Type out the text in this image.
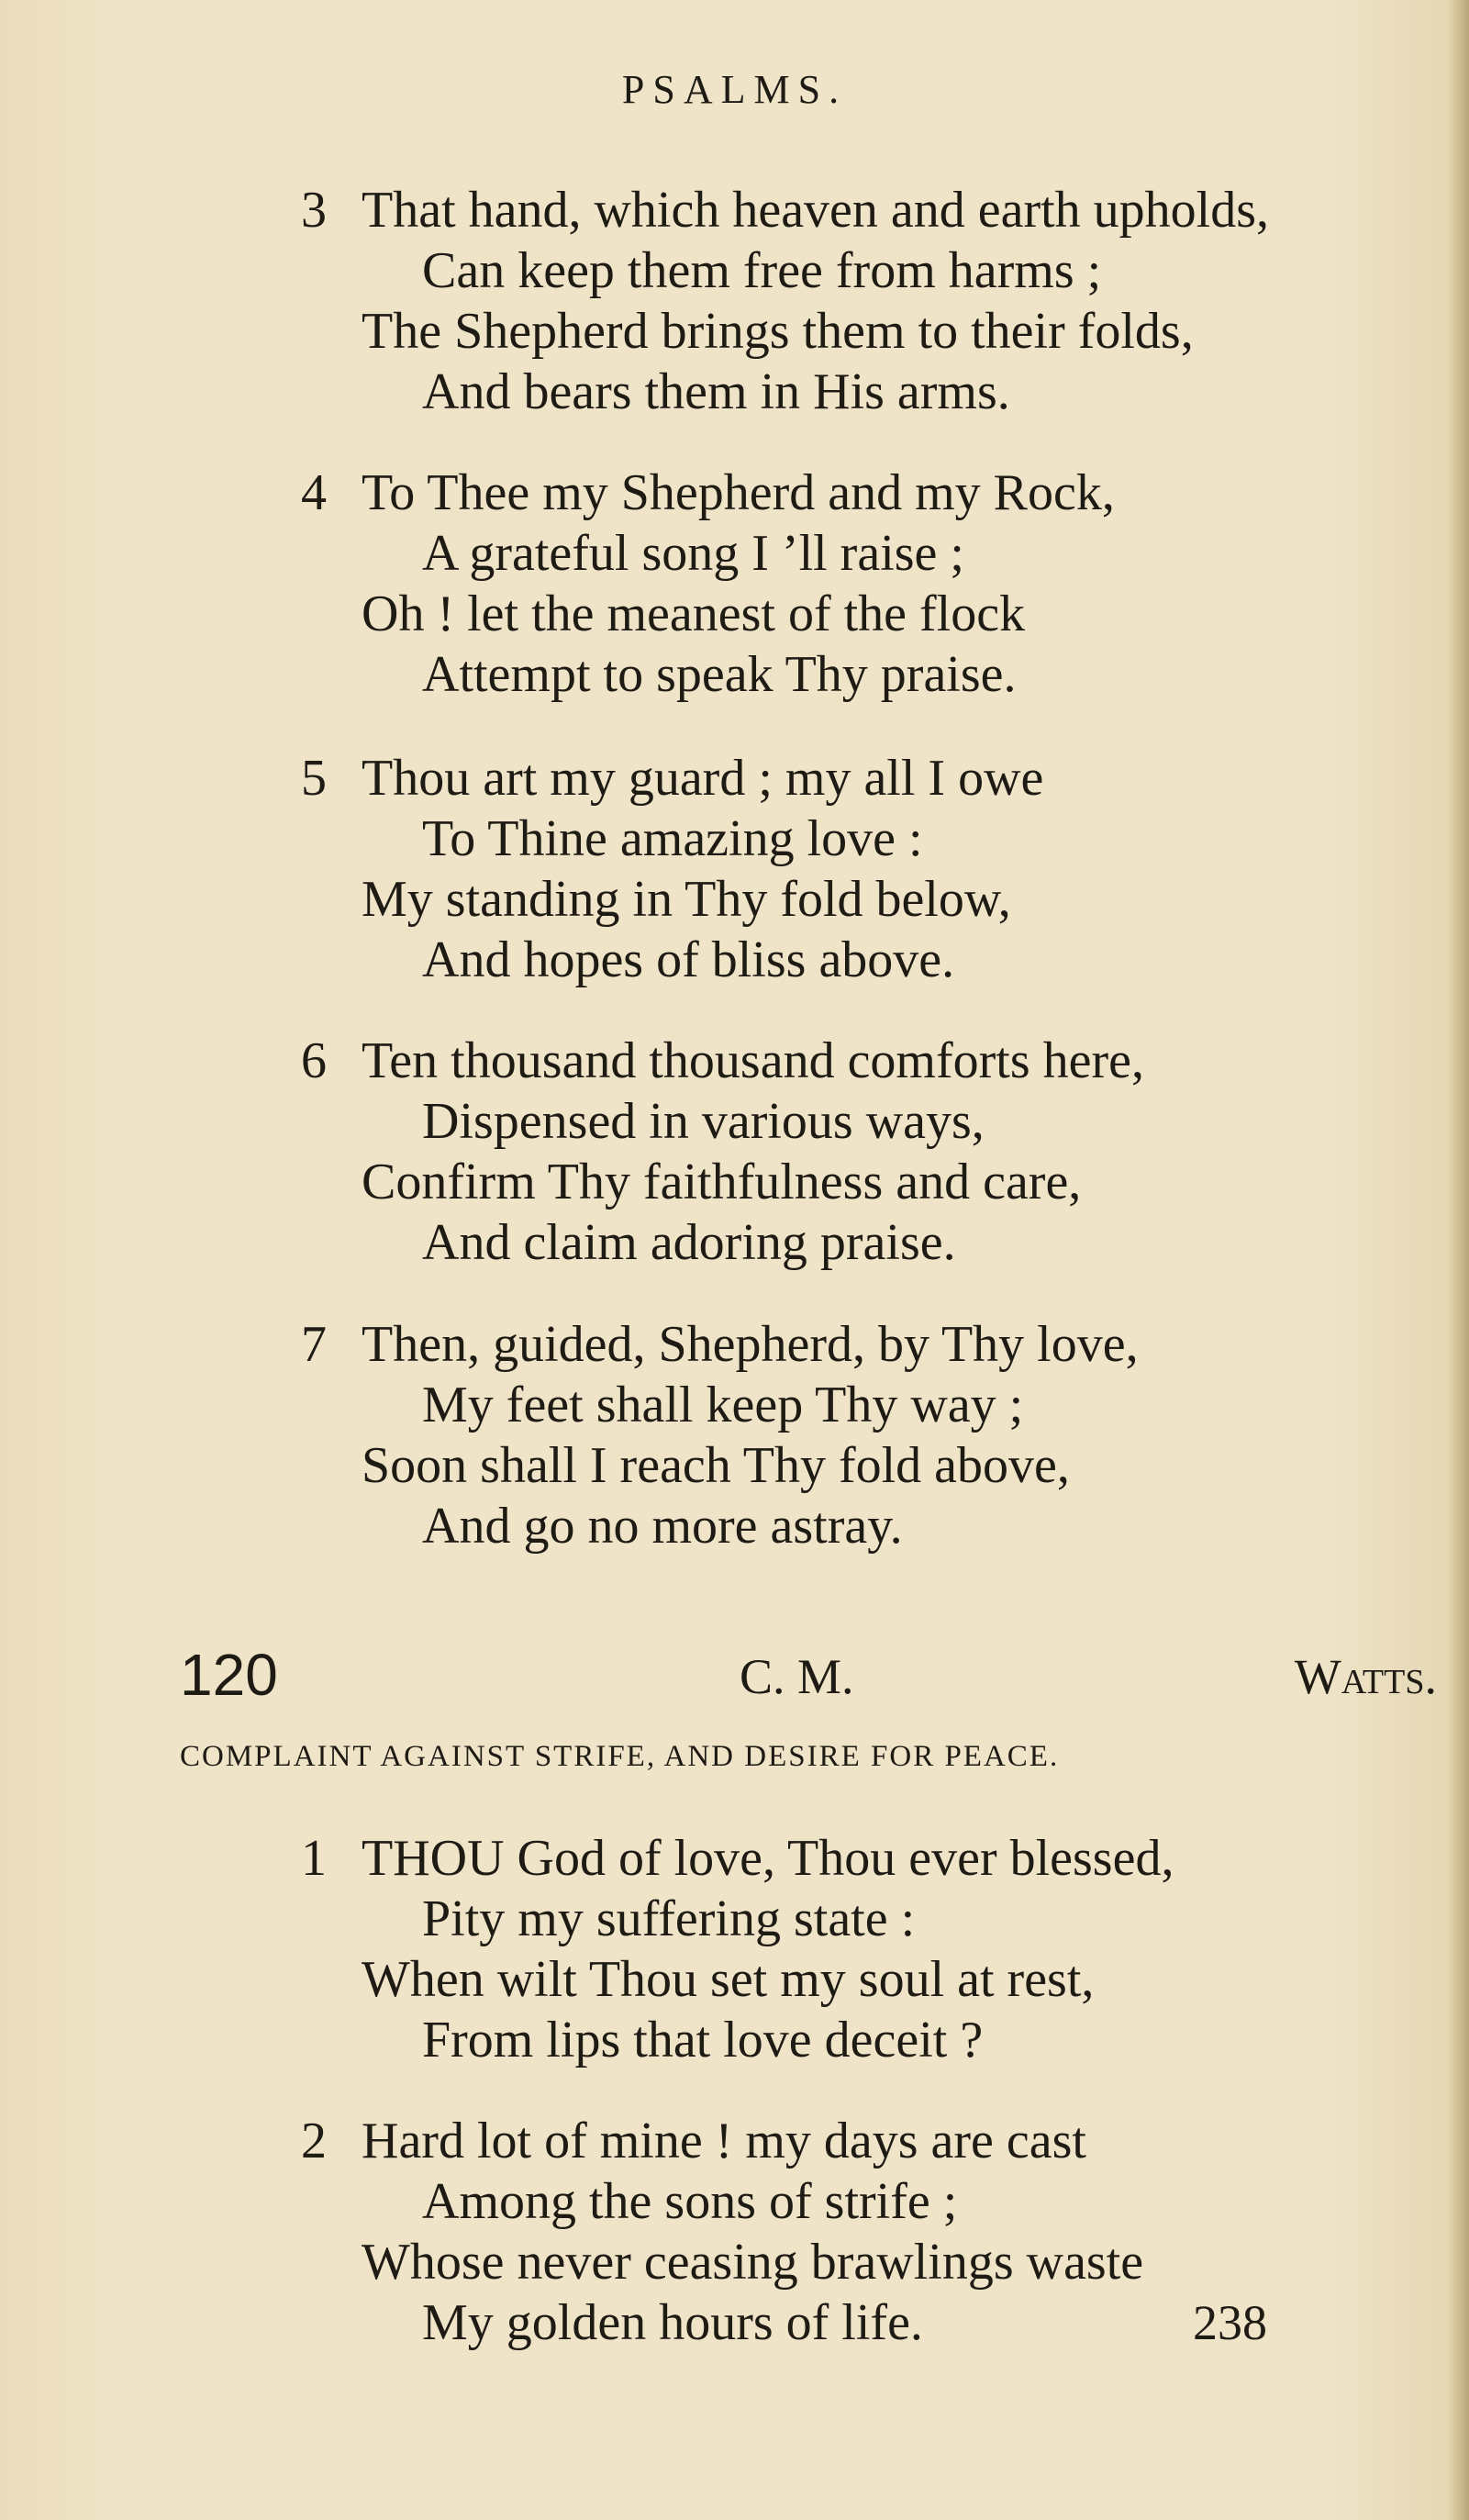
PSALMS.
3 That hand, which heaven and earth upholds,
Can keep them free from harms ;
The Shepherd brings them to their folds,
And bears them in His arms.
4 To Thee my Shepherd and my Rock,
A grateful song I ’ll raise ;
Oh ! let the meanest of the flock
Attempt to speak Thy praise.
5 Thou art my guard ; my all I owe
To Thine amazing love :
My standing in Thy fold below,
And hopes of bliss above.
6 Ten thousand thousand comforts here,
Dispensed in various ways,
Confirm Thy faithfulness and care,
And claim adoring praise.
7 Then, guided, Shepherd, by Thy love,
My feet shall keep Thy way ;
Soon shall I reach Thy fold above,
And go no more astray.
120	C. M.	Watts.
COMPLAINT AGAINST STRIFE, AND DESIRE FOR PEACE.
1 THOU God of love, Thou ever blessed,
Pity my suffering state :
When wilt Thou set my soul at rest,
From lips that love deceit ?
2 Hard lot of mine ! my days are cast
Among the sons of strife ;
Whose never ceasing brawlings waste
My golden hours of life.	238
